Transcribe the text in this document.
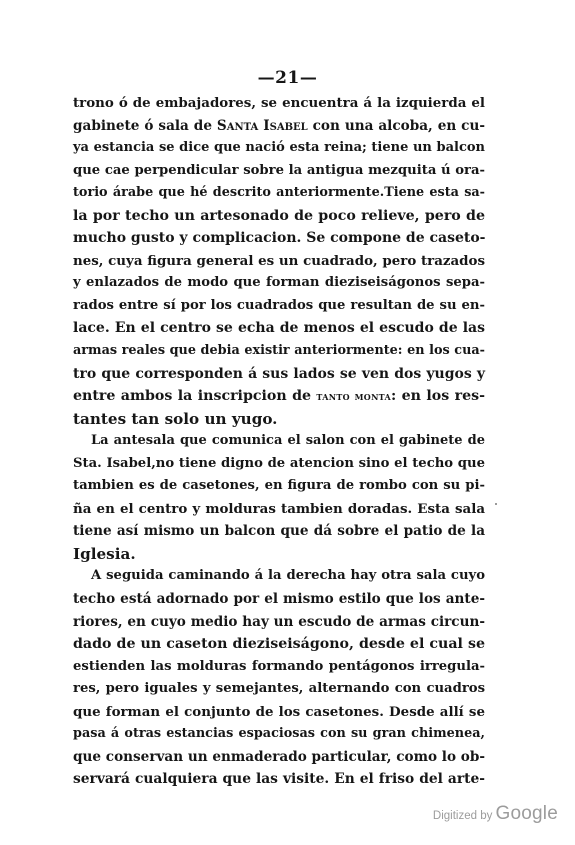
—21—
trono ó de embajadores, se encuentra á la izquierda el
gabinete ó sala de Santa Isabel con una alcoba, en cu-
ya estancia se dice que nació esta reina; tiene un balcon
que cae perpendicular sobre la antigua mezquita ú ora-
torio árabe que hé descrito anteriormente.Tiene esta sa-
la por techo un artesonado de poco relieve, pero de
mucho gusto y complicacion. Se compone de caseto-
nes, cuya figura general es un cuadrado, pero trazados
y enlazados de modo que forman dieziseiságonos sepa-
rados entre sí por los cuadrados que resultan de su en-
lace. En el centro se echa de menos el escudo de las
armas reales que debia existir anteriormente: en los cua-
tro que corresponden á sus lados se ven dos yugos y
entre ambos la inscripcion de tanto monta: en los res-
tantes tan solo un yugo.
La antesala que comunica el salon con el gabinete de
Sta. Isabel,no tiene digno de atencion sino el techo que
tambien es de casetones, en figura de rombo con su pi-
ña en el centro y molduras tambien doradas. Esta sala
tiene así mismo un balcon que dá sobre el patio de la
Iglesia.
A seguida caminando á la derecha hay otra sala cuyo
techo está adornado por el mismo estilo que los ante-
riores, en cuyo medio hay un escudo de armas circun-
dado de un caseton dieziseiságono, desde el cual se
estienden las molduras formando pentágonos irregula-
res, pero iguales y semejantes, alternando con cuadros
que forman el conjunto de los casetones. Desde allí se
pasa á otras estancias espaciosas con su gran chimenea,
que conservan un enmaderado particular, como lo ob-
servará cualquiera que las visite. En el friso del arte-
Digitized by Google
